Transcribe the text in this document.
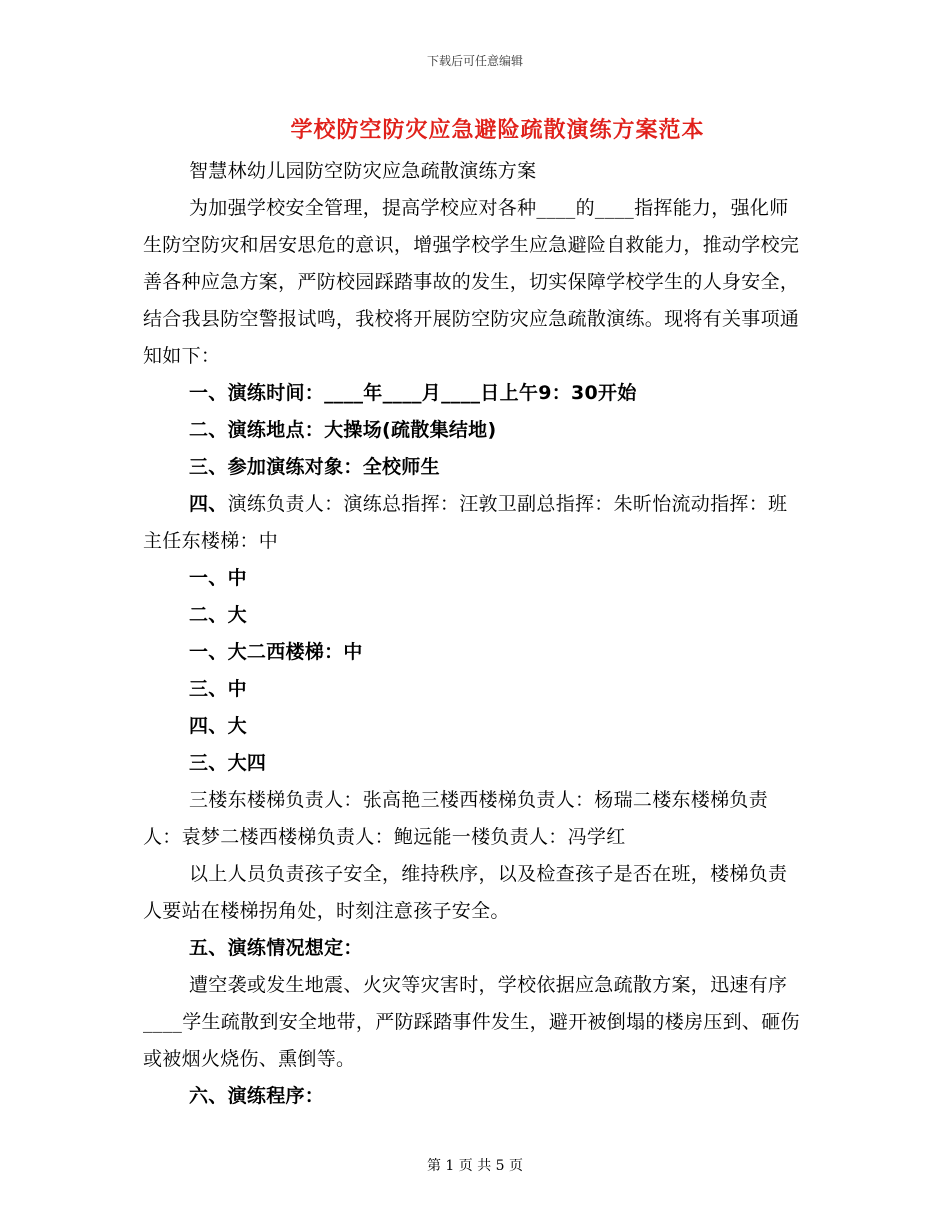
下载后可任意编辑
学校防空防灾应急避险疏散演练方案范本

智慧林幼儿园防空防灾应急疏散演练方案

为加强学校安全管理，提高学校应对各种____的____指挥能力，强化师生防空防灾和居安思危的意识，增强学校学生应急避险自救能力，推动学校完善各种应急方案，严防校园踩踏事故的发生，切实保障学校学生的人身安全，结合我县防空警报试鸣，我校将开展防空防灾应急疏散演练。现将有关事项通知如下：

一、演练时间：____年____月____日上午9：30开始

二、演练地点：大操场(疏散集结地)

三、参加演练对象：全校师生

四、演练负责人：演练总指挥：汪敦卫副总指挥：朱昕怡流动指挥：班主任东楼梯：中

一、中

二、大

一、大二西楼梯：中

三、中

四、大

三、大四

三楼东楼梯负责人：张高艳三楼西楼梯负责人：杨瑞二楼东楼梯负责人：袁梦二楼西楼梯负责人：鲍远能一楼负责人：冯学红

以上人员负责孩子安全，维持秩序，以及检查孩子是否在班，楼梯负责人要站在楼梯拐角处，时刻注意孩子安全。

五、演练情况想定：

遭空袭或发生地震、火灾等灾害时，学校依据应急疏散方案，迅速有序____学生疏散到安全地带，严防踩踏事件发生，避开被倒塌的楼房压到、砸伤或被烟火烧伤、熏倒等。

六、演练程序：

第 1 页 共 5 页
